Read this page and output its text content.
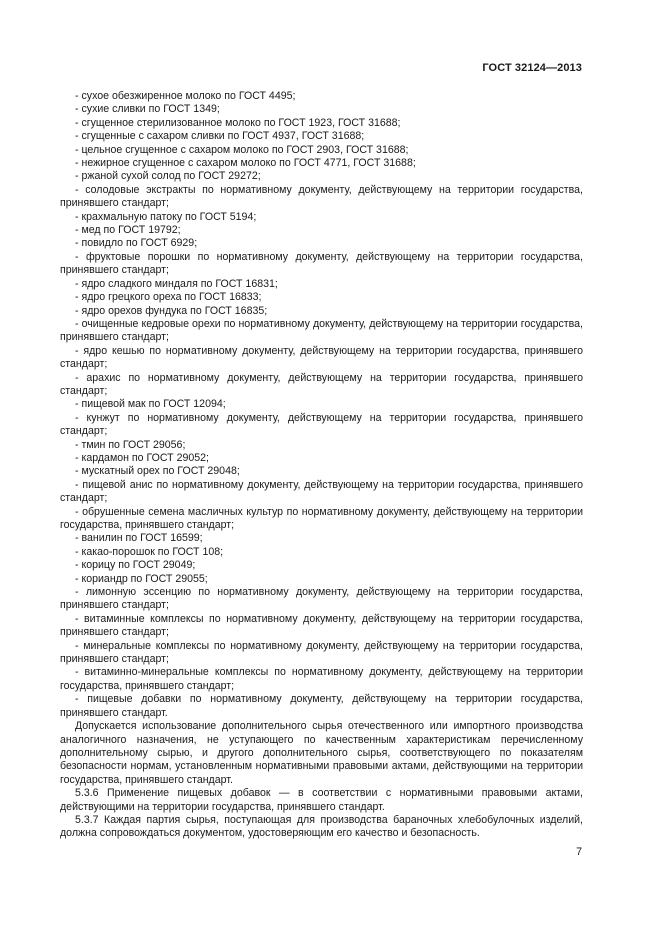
ГОСТ 32124—2013

- сухое обезжиренное молоко по ГОСТ 4495;

- сухие сливки по ГОСТ 1349;

- сгущенное стерилизованное молоко по ГОСТ 1923, ГОСТ 31688;

- сгущенные с сахаром сливки по ГОСТ 4937, ГОСТ 31688;

- цельное сгущенное с сахаром молоко по ГОСТ 2903, ГОСТ 31688;

- нежирное сгущенное с сахаром молоко по ГОСТ 4771, ГОСТ 31688;

- ржаной сухой солод по ГОСТ 29272;

- солодовые экстракты по нормативному документу, действующему на территории государства, принявшего стандарт;

- крахмальную патоку по ГОСТ 5194;

- мед по ГОСТ 19792;

- повидло по ГОСТ 6929;

- фруктовые порошки по нормативному документу, действующему на территории государства, принявшего стандарт;

- ядро сладкого миндаля по ГОСТ 16831;

- ядро грецкого ореха по ГОСТ 16833;

- ядро орехов фундука по ГОСТ 16835;

- очищенные кедровые орехи по нормативному документу, действующему на территории государства, принявшего стандарт;

- ядро кешью по нормативному документу, действующему на территории государства, принявшего стандарт;

- арахис по нормативному документу, действующему на территории государства, принявшего стандарт;

- пищевой мак по ГОСТ 12094;

- кунжут по нормативному документу, действующему на территории государства, принявшего стандарт;

- тмин по ГОСТ 29056;

- кардамон по ГОСТ 29052;

- мускатный орех по ГОСТ 29048;

- пищевой анис по нормативному документу, действующему на территории государства, принявшего стандарт;

- обрушенные семена масличных культур по нормативному документу, действующему на территории государства, принявшего стандарт;

- ванилин по ГОСТ 16599;

- какао-порошок по ГОСТ 108;

- корицу по ГОСТ 29049;

- кориандр по ГОСТ 29055;

- лимонную эссенцию по нормативному документу, действующему на территории государства, принявшего стандарт;

- витаминные комплексы по нормативному документу, действующему на территории государства, принявшего стандарт;

- минеральные комплексы по нормативному документу, действующему на территории государства, принявшего стандарт;

- витаминно-минеральные комплексы по нормативному документу, действующему на территории государства, принявшего стандарт;

- пищевые добавки по нормативному документу, действующему на территории государства, принявшего стандарт.

Допускается использование дополнительного сырья отечественного или импортного производства аналогичного назначения, не уступающего по качественным характеристикам перечисленному дополнительному сырью, и другого дополнительного сырья, соответствующего по показателям безопасности нормам, установленным нормативными правовыми актами, действующими на территории государства, принявшего стандарт.

5.3.6 Применение пищевых добавок — в соответствии с нормативными правовыми актами, действующими на территории государства, принявшего стандарт.

5.3.7 Каждая партия сырья, поступающая для производства бараночных хлебобулочных изделий, должна сопровождаться документом, удостоверяющим его качество и безопасность.

7
